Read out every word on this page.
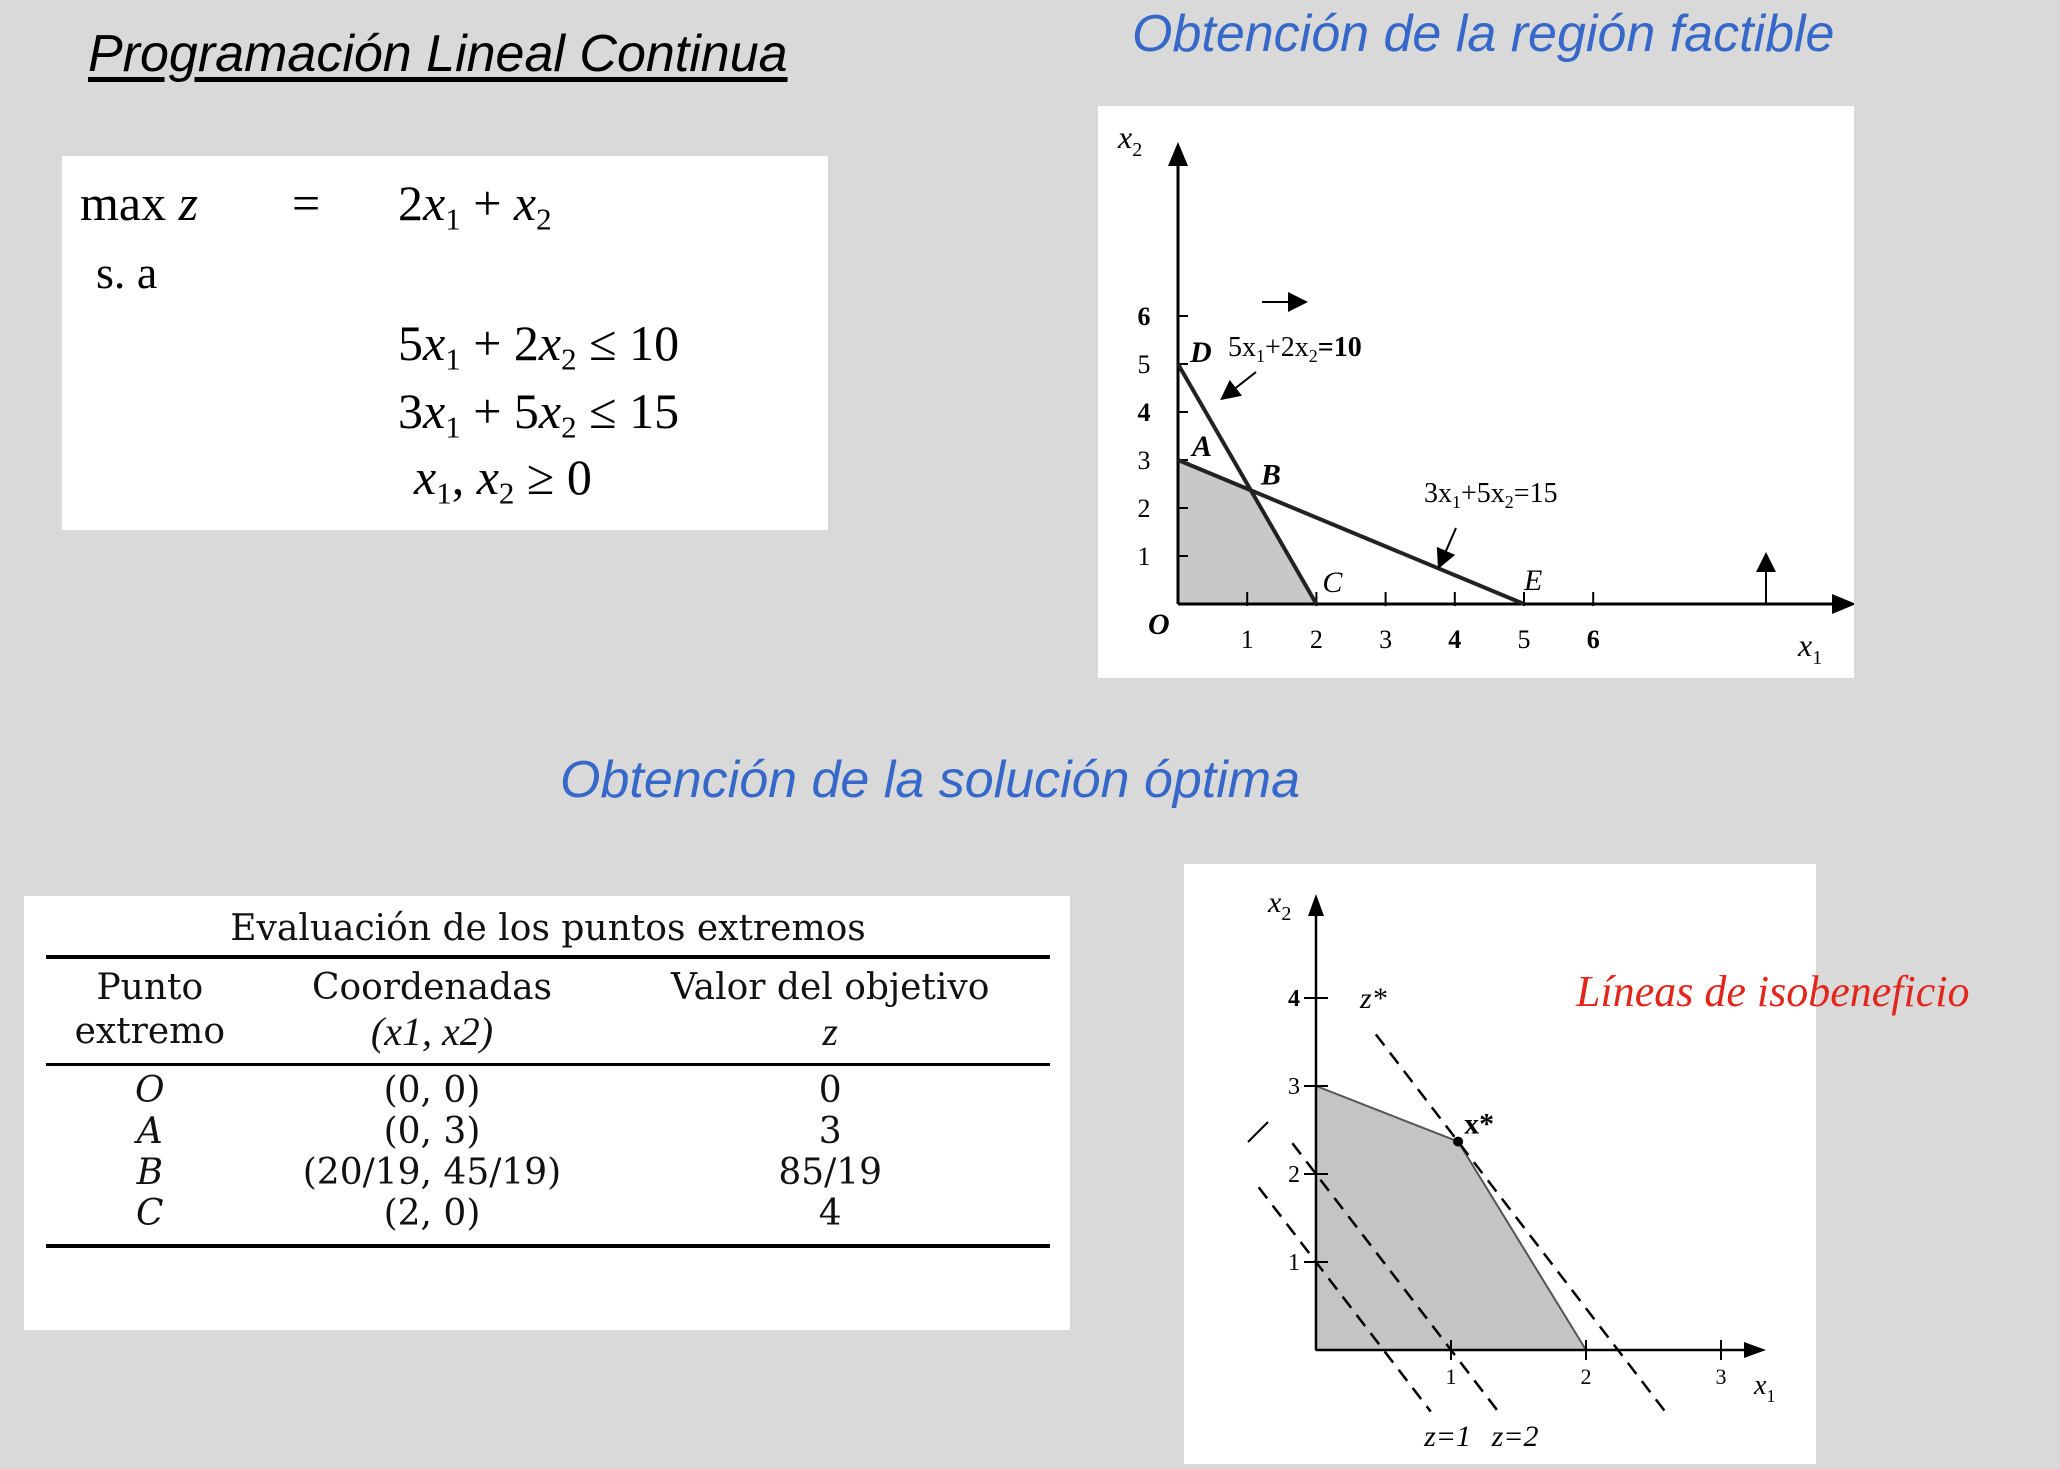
Programación Lineal Continua	Obtención de la región factible
Obtención de la solución óptima
$\max z = 2x_1 + x_2$
s. a
$5x_1 + 2x_2 \le 10$
$3x_1 + 5x_2 \le 15$
$x_1$, $x_2 \ge 0$
Evaluación de los puntos extremos
Punto	Coordenadas	Valor del objetivo
extremo	(x1, x2)	z
O	(0, 0)	0
A	(0, 3)	3
B	(20/19, 45/19)	85/19
C	(2, 0)	4
1 2 3 4 5 6
1
2
3
4
5
6
O
A
B
C
D
E
$5x_1+2x_2=10$
$3x_1+5x_2=15$
$x_2$
$x_1$
1	2	3
1
2
3
4
z=1 z=2
z*
x*
$x_2$
$x_1$
Líneas de isobeneficio
